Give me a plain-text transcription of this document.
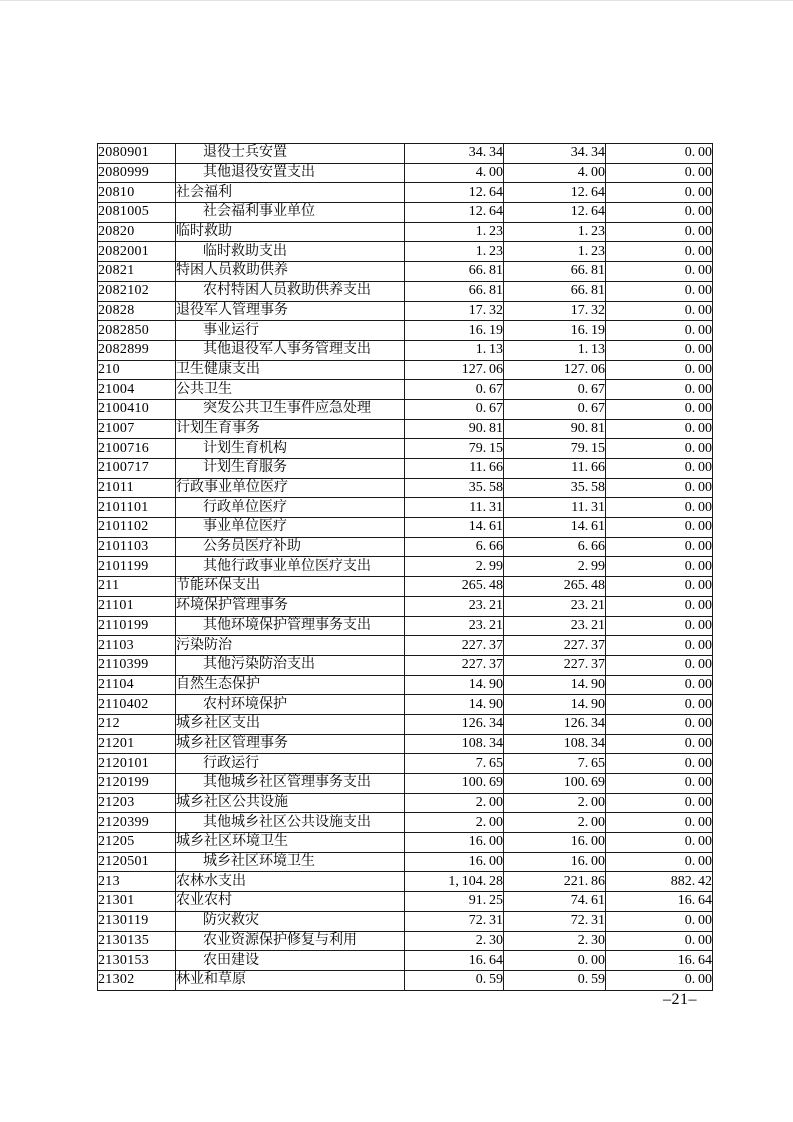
2080901	退役士兵安置	34. 34	34. 34	0. 00
2080999	其他退役安置支出	4. 00	4. 00	0. 00
20810	社会福利	12. 64	12. 64	0. 00
2081005	社会福利事业单位	12. 64	12. 64	0. 00
20820	临时救助	1. 23	1. 23	0. 00
2082001	临时救助支出	1. 23	1. 23	0. 00
20821	特困人员救助供养	66. 81	66. 81	0. 00
2082102	农村特困人员救助供养支出	66. 81	66. 81	0. 00
20828	退役军人管理事务	17. 32	17. 32	0. 00
2082850	事业运行	16. 19	16. 19	0. 00
2082899	其他退役军人事务管理支出	1. 13	1. 13	0. 00
210	卫生健康支出	127. 06	127. 06	0. 00
21004	公共卫生	0. 67	0. 67	0. 00
2100410	突发公共卫生事件应急处理	0. 67	0. 67	0. 00
21007	计划生育事务	90. 81	90. 81	0. 00
2100716	计划生育机构	79. 15	79. 15	0. 00
2100717	计划生育服务	11. 66	11. 66	0. 00
21011	行政事业单位医疗	35. 58	35. 58	0. 00
2101101	行政单位医疗	11. 31	11. 31	0. 00
2101102	事业单位医疗	14. 61	14. 61	0. 00
2101103	公务员医疗补助	6. 66	6. 66	0. 00
2101199	其他行政事业单位医疗支出	2. 99	2. 99	0. 00
211	节能环保支出	265. 48	265. 48	0. 00
21101	环境保护管理事务	23. 21	23. 21	0. 00
2110199	其他环境保护管理事务支出	23. 21	23. 21	0. 00
21103	污染防治	227. 37	227. 37	0. 00
2110399	其他污染防治支出	227. 37	227. 37	0. 00
21104	自然生态保护	14. 90	14. 90	0. 00
2110402	农村环境保护	14. 90	14. 90	0. 00
212	城乡社区支出	126. 34	126. 34	0. 00
21201	城乡社区管理事务	108. 34	108. 34	0. 00
2120101	行政运行	7. 65	7. 65	0. 00
2120199	其他城乡社区管理事务支出	100. 69	100. 69	0. 00
21203	城乡社区公共设施	2. 00	2. 00	0. 00
2120399	其他城乡社区公共设施支出	2. 00	2. 00	0. 00
21205	城乡社区环境卫生	16. 00	16. 00	0. 00
2120501	城乡社区环境卫生	16. 00	16. 00	0. 00
213	农林水支出	1, 104. 28	221. 86	882. 42
21301	农业农村	91. 25	74. 61	16. 64
2130119	防灾救灾	72. 31	72. 31	0. 00
2130135	农业资源保护修复与利用	2. 30	2. 30	0. 00
2130153	农田建设	16. 64	0. 00	16. 64
21302	林业和草原	0. 59	0. 59	0. 00
–21–
